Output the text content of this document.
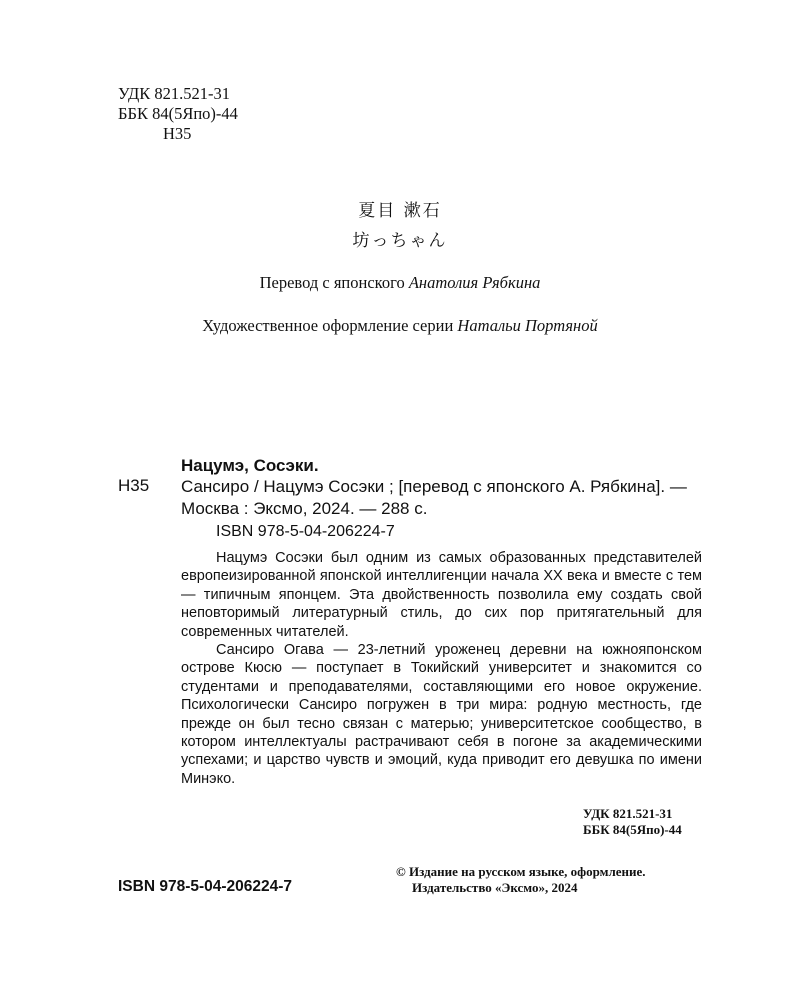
УДК 821.521-31
ББК 84(5Япо)-44
Н35
夏目 漱石
坊っちゃん
Перевод с японского Анатолия Рябкина
Художественное оформление серии Натальи Портяной
Нацумэ, Сосэки.
Н35 Сансиро / Нацумэ Сосэки ; [перевод с японского А. Рябкина]. — Москва : Эксмо, 2024. — 288 с.
ISBN 978-5-04-206224-7

Нацумэ Сосэки был одним из самых образованных представителей европеизированной японской интеллигенции начала XX века и вместе с тем — типичным японцем. Эта двойственность позволила ему создать свой неповторимый литературный стиль, до сих пор притягательный для современных читателей.

Сансиро Огава — 23-летний уроженец деревни на южнояпонском острове Кюсю — поступает в Токийский университет и знакомится со студентами и преподавателями, составляющими его новое окружение. Психологически Сансиро погружен в три мира: родную местность, где прежде он был тесно связан с матерью; университетское сообщество, в котором интеллектуалы растрачивают себя в погоне за академическими успехами; и царство чувств и эмоций, куда приводит его девушка по имени Минэко.

УДК 821.521-31
ББК 84(5Япо)-44
ISBN 978-5-04-206224-7
© Издание на русском языке, оформление.
Издательство «Эксмо», 2024
